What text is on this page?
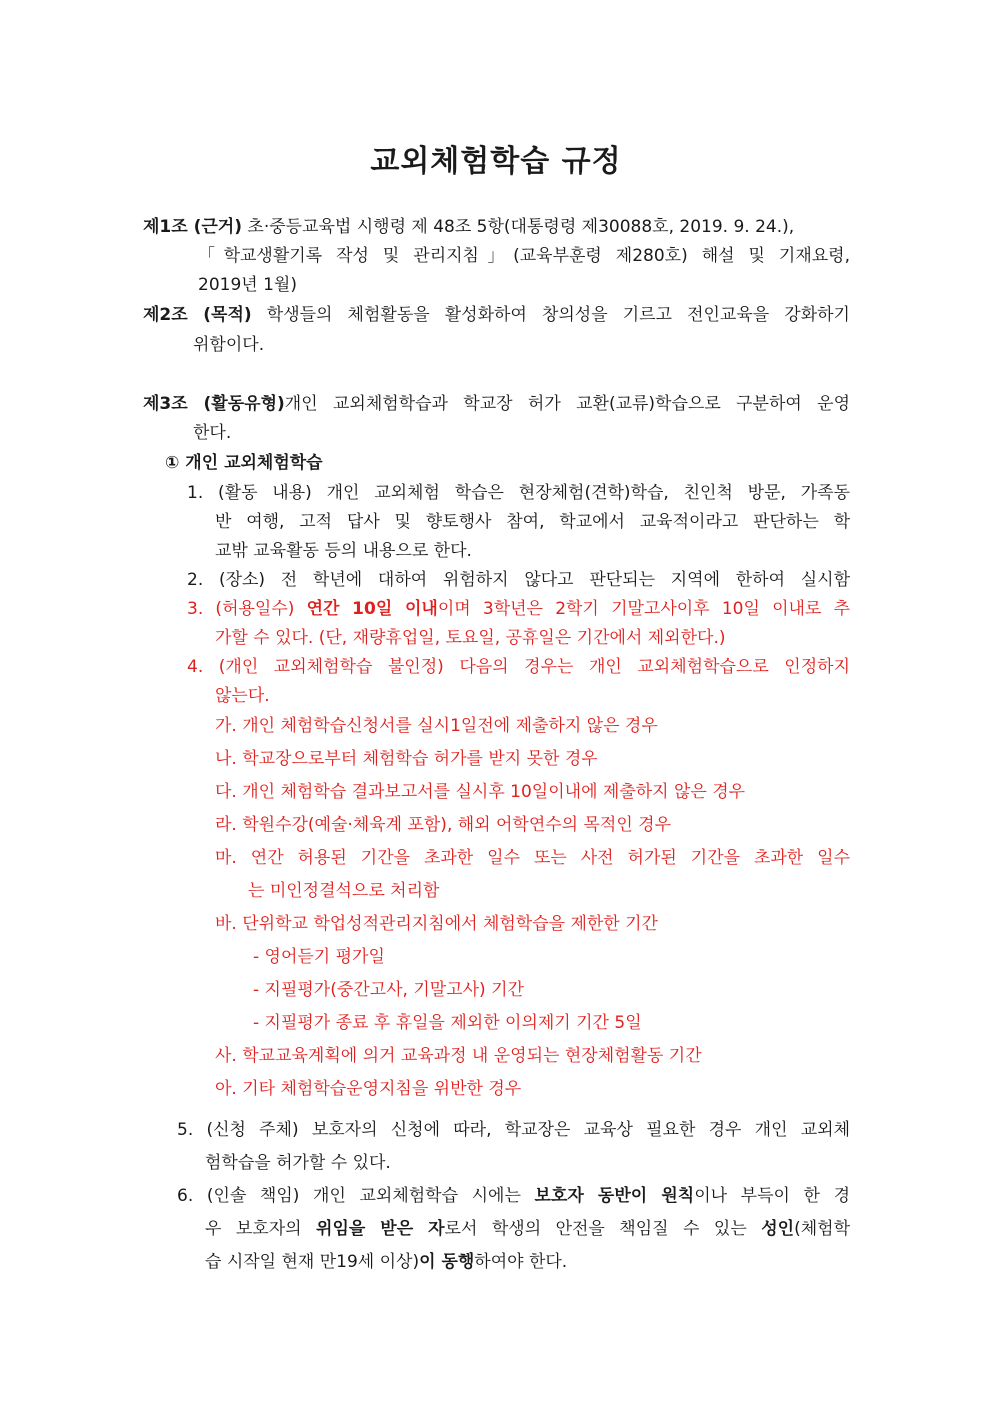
교외체험학습 규정
제1조 (근거) 초·중등교육법 시행령 제 48조 5항(대통령령 제30088호, 2019. 9. 24.),
「학교생활기록 작성 및 관리지침」(교육부훈령 제280호) 해설 및 기재요령,
2019년 1월)
제2조 (목적) 학생들의 체험활동을 활성화하여 창의성을 기르고 전인교육을 강화하기
위함이다.
제3조 (활동유형)개인 교외체험학습과 학교장 허가 교환(교류)학습으로 구분하여 운영
한다.
① 개인 교외체험학습
1. (활동 내용) 개인 교외체험 학습은 현장체험(견학)학습, 친인척 방문, 가족동
반 여행, 고적 답사 및 향토행사 참여, 학교에서 교육적이라고 판단하는 학
교밖 교육활동 등의 내용으로 한다.
2. (장소) 전 학년에 대하여 위험하지 않다고 판단되는 지역에 한하여 실시함
3. (허용일수) 연간 10일 이내이며 3학년은 2학기 기말고사이후 10일 이내로 추
가할 수 있다. (단, 재량휴업일, 토요일, 공휴일은 기간에서 제외한다.)
4. (개인 교외체험학습 불인정) 다음의 경우는 개인 교외체험학습으로 인정하지
않는다.
가. 개인 체험학습신청서를 실시1일전에 제출하지 않은 경우
나. 학교장으로부터 체험학습 허가를 받지 못한 경우
다. 개인 체험학습 결과보고서를 실시후 10일이내에 제출하지 않은 경우
라. 학원수강(예술·체육계 포함), 해외 어학연수의 목적인 경우
마. 연간 허용된 기간을 초과한 일수 또는 사전 허가된 기간을 초과한 일수
는 미인정결석으로 처리함
바. 단위학교 학업성적관리지침에서 체험학습을 제한한 기간
- 영어듣기 평가일
- 지필평가(중간고사, 기말고사) 기간
- 지필평가 종료 후 휴일을 제외한 이의제기 기간 5일
사. 학교교육계획에 의거 교육과정 내 운영되는 현장체험활동 기간
아. 기타 체험학습운영지침을 위반한 경우
5. (신청 주체) 보호자의 신청에 따라, 학교장은 교육상 필요한 경우 개인 교외체
험학습을 허가할 수 있다.
6. (인솔 책임) 개인 교외체험학습 시에는 보호자 동반이 원칙이나 부득이 한 경
우 보호자의 위임을 받은 자로서 학생의 안전을 책임질 수 있는 성인(체험학
습 시작일 현재 만19세 이상)이 동행하여야 한다.
